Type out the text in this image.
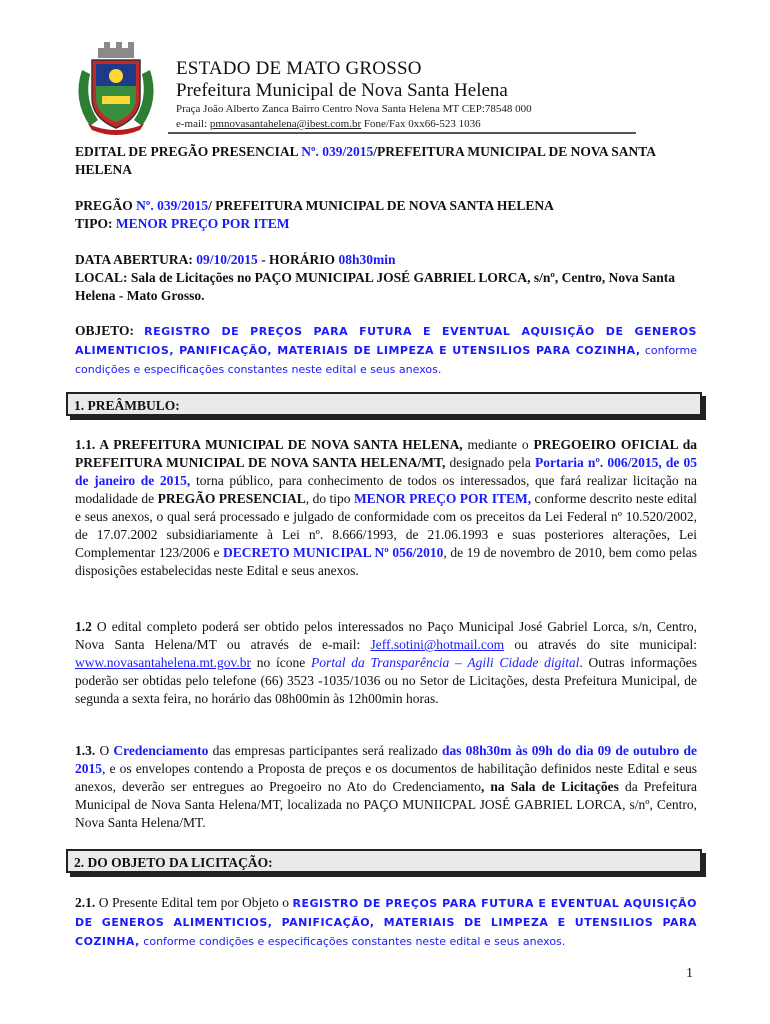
ESTADO DE MATO GROSSO
Prefeitura Municipal de Nova Santa Helena
Praça João Alberto Zanca Bairro Centro Nova Santa Helena MT CEP:78548 000
e-mail: pmnovasantahelena@ibest.com.br Fone/Fax 0xx66-523 1036
EDITAL DE PREGÃO PRESENCIAL Nº. 039/2015/PREFEITURA MUNICIPAL DE NOVA SANTA HELENA
PREGÃO Nº. 039/2015/ PREFEITURA MUNICIPAL DE NOVA SANTA HELENA
TIPO: MENOR PREÇO POR ITEM
DATA ABERTURA: 09/10/2015 - HORÁRIO 08h30min
LOCAL: Sala de Licitações no PAÇO MUNICIPAL JOSÉ GABRIEL LORCA, s/nº, Centro, Nova Santa Helena - Mato Grosso.
OBJETO: REGISTRO DE PREÇOS PARA FUTURA E EVENTUAL AQUISIÇÃO DE GENEROS ALIMENTICIOS, PANIFICAÇÃO, MATERIAIS DE LIMPEZA E UTENSILIOS PARA COZINHA, conforme condições e especificações constantes neste edital e seus anexos.
1. PREÂMBULO:
1.1. A PREFEITURA MUNICIPAL DE NOVA SANTA HELENA, mediante o PREGOEIRO OFICIAL da PREFEITURA MUNICIPAL DE NOVA SANTA HELENA/MT, designado pela Portaria nº. 006/2015, de 05 de janeiro de 2015, torna público, para conhecimento de todos os interessados, que fará realizar licitação na modalidade de PREGÃO PRESENCIAL, do tipo MENOR PREÇO POR ITEM, conforme descrito neste edital e seus anexos, o qual será processado e julgado de conformidade com os preceitos da Lei Federal nº 10.520/2002, de 17.07.2002 subsidiariamente à Lei nº. 8.666/1993, de 21.06.1993 e suas posteriores alterações, Lei Complementar 123/2006 e DECRETO MUNICIPAL Nº 056/2010, de 19 de novembro de 2010, bem como pelas disposições estabelecidas neste Edital e seus anexos.
1.2 O edital completo poderá ser obtido pelos interessados no Paço Municipal José Gabriel Lorca, s/n, Centro, Nova Santa Helena/MT ou através de e-mail: Jeff.sotini@hotmail.com ou através do site municipal: www.novasantahelena.mt.gov.br no ícone Portal da Transparência – Agili Cidade digital. Outras informações poderão ser obtidas pelo telefone (66) 3523 -1035/1036 ou no Setor de Licitações, desta Prefeitura Municipal, de segunda a sexta feira, no horário das 08h00min às 12h00min horas.
1.3. O Credenciamento das empresas participantes será realizado das 08h30m às 09h do dia 09 de outubro de 2015, e os envelopes contendo a Proposta de preços e os documentos de habilitação definidos neste Edital e seus anexos, deverão ser entregues ao Pregoeiro no Ato do Credenciamento, na Sala de Licitações da Prefeitura Municipal de Nova Santa Helena/MT, localizada no PAÇO MUNIICPAL JOSÉ GABRIEL LORCA, s/nº, Centro, Nova Santa Helena/MT.
2. DO OBJETO DA LICITAÇÃO:
2.1. O Presente Edital tem por Objeto o REGISTRO DE PREÇOS PARA FUTURA E EVENTUAL AQUISIÇÃO DE GENEROS ALIMENTICIOS, PANIFICAÇÃO, MATERIAIS DE LIMPEZA E UTENSILIOS PARA COZINHA, conforme condições e especificações constantes neste edital e seus anexos.
1
